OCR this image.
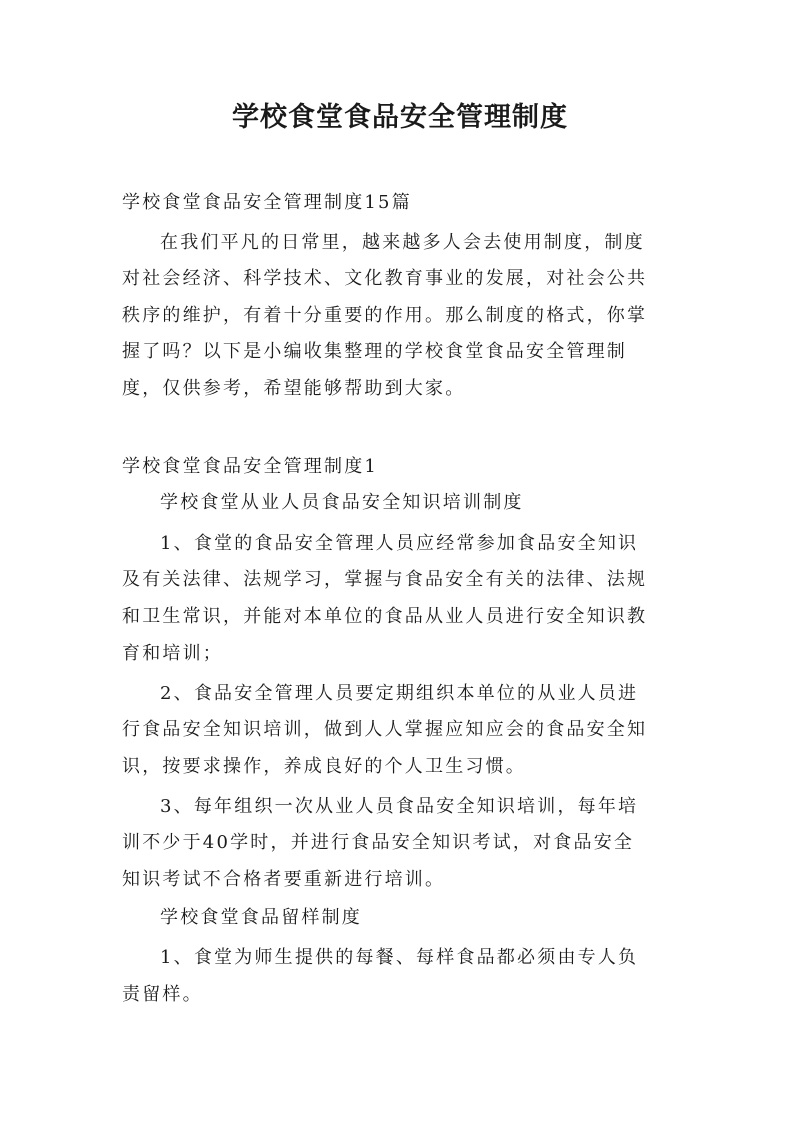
学校食堂食品安全管理制度
学校食堂食品安全管理制度15篇
在我们平凡的日常里，越来越多人会去使用制度，制度
对社会经济、科学技术、文化教育事业的发展，对社会公共
秩序的维护，有着十分重要的作用。那么制度的格式，你掌
握了吗？以下是小编收集整理的学校食堂食品安全管理制
度，仅供参考，希望能够帮助到大家。
学校食堂食品安全管理制度1
学校食堂从业人员食品安全知识培训制度
1、食堂的食品安全管理人员应经常参加食品安全知识
及有关法律、法规学习，掌握与食品安全有关的法律、法规
和卫生常识，并能对本单位的食品从业人员进行安全知识教
育和培训；
2、食品安全管理人员要定期组织本单位的从业人员进
行食品安全知识培训，做到人人掌握应知应会的食品安全知
识，按要求操作，养成良好的个人卫生习惯。
3、每年组织一次从业人员食品安全知识培训，每年培
训不少于40学时，并进行食品安全知识考试，对食品安全
知识考试不合格者要重新进行培训。
学校食堂食品留样制度
1、食堂为师生提供的每餐、每样食品都必须由专人负
责留样。
